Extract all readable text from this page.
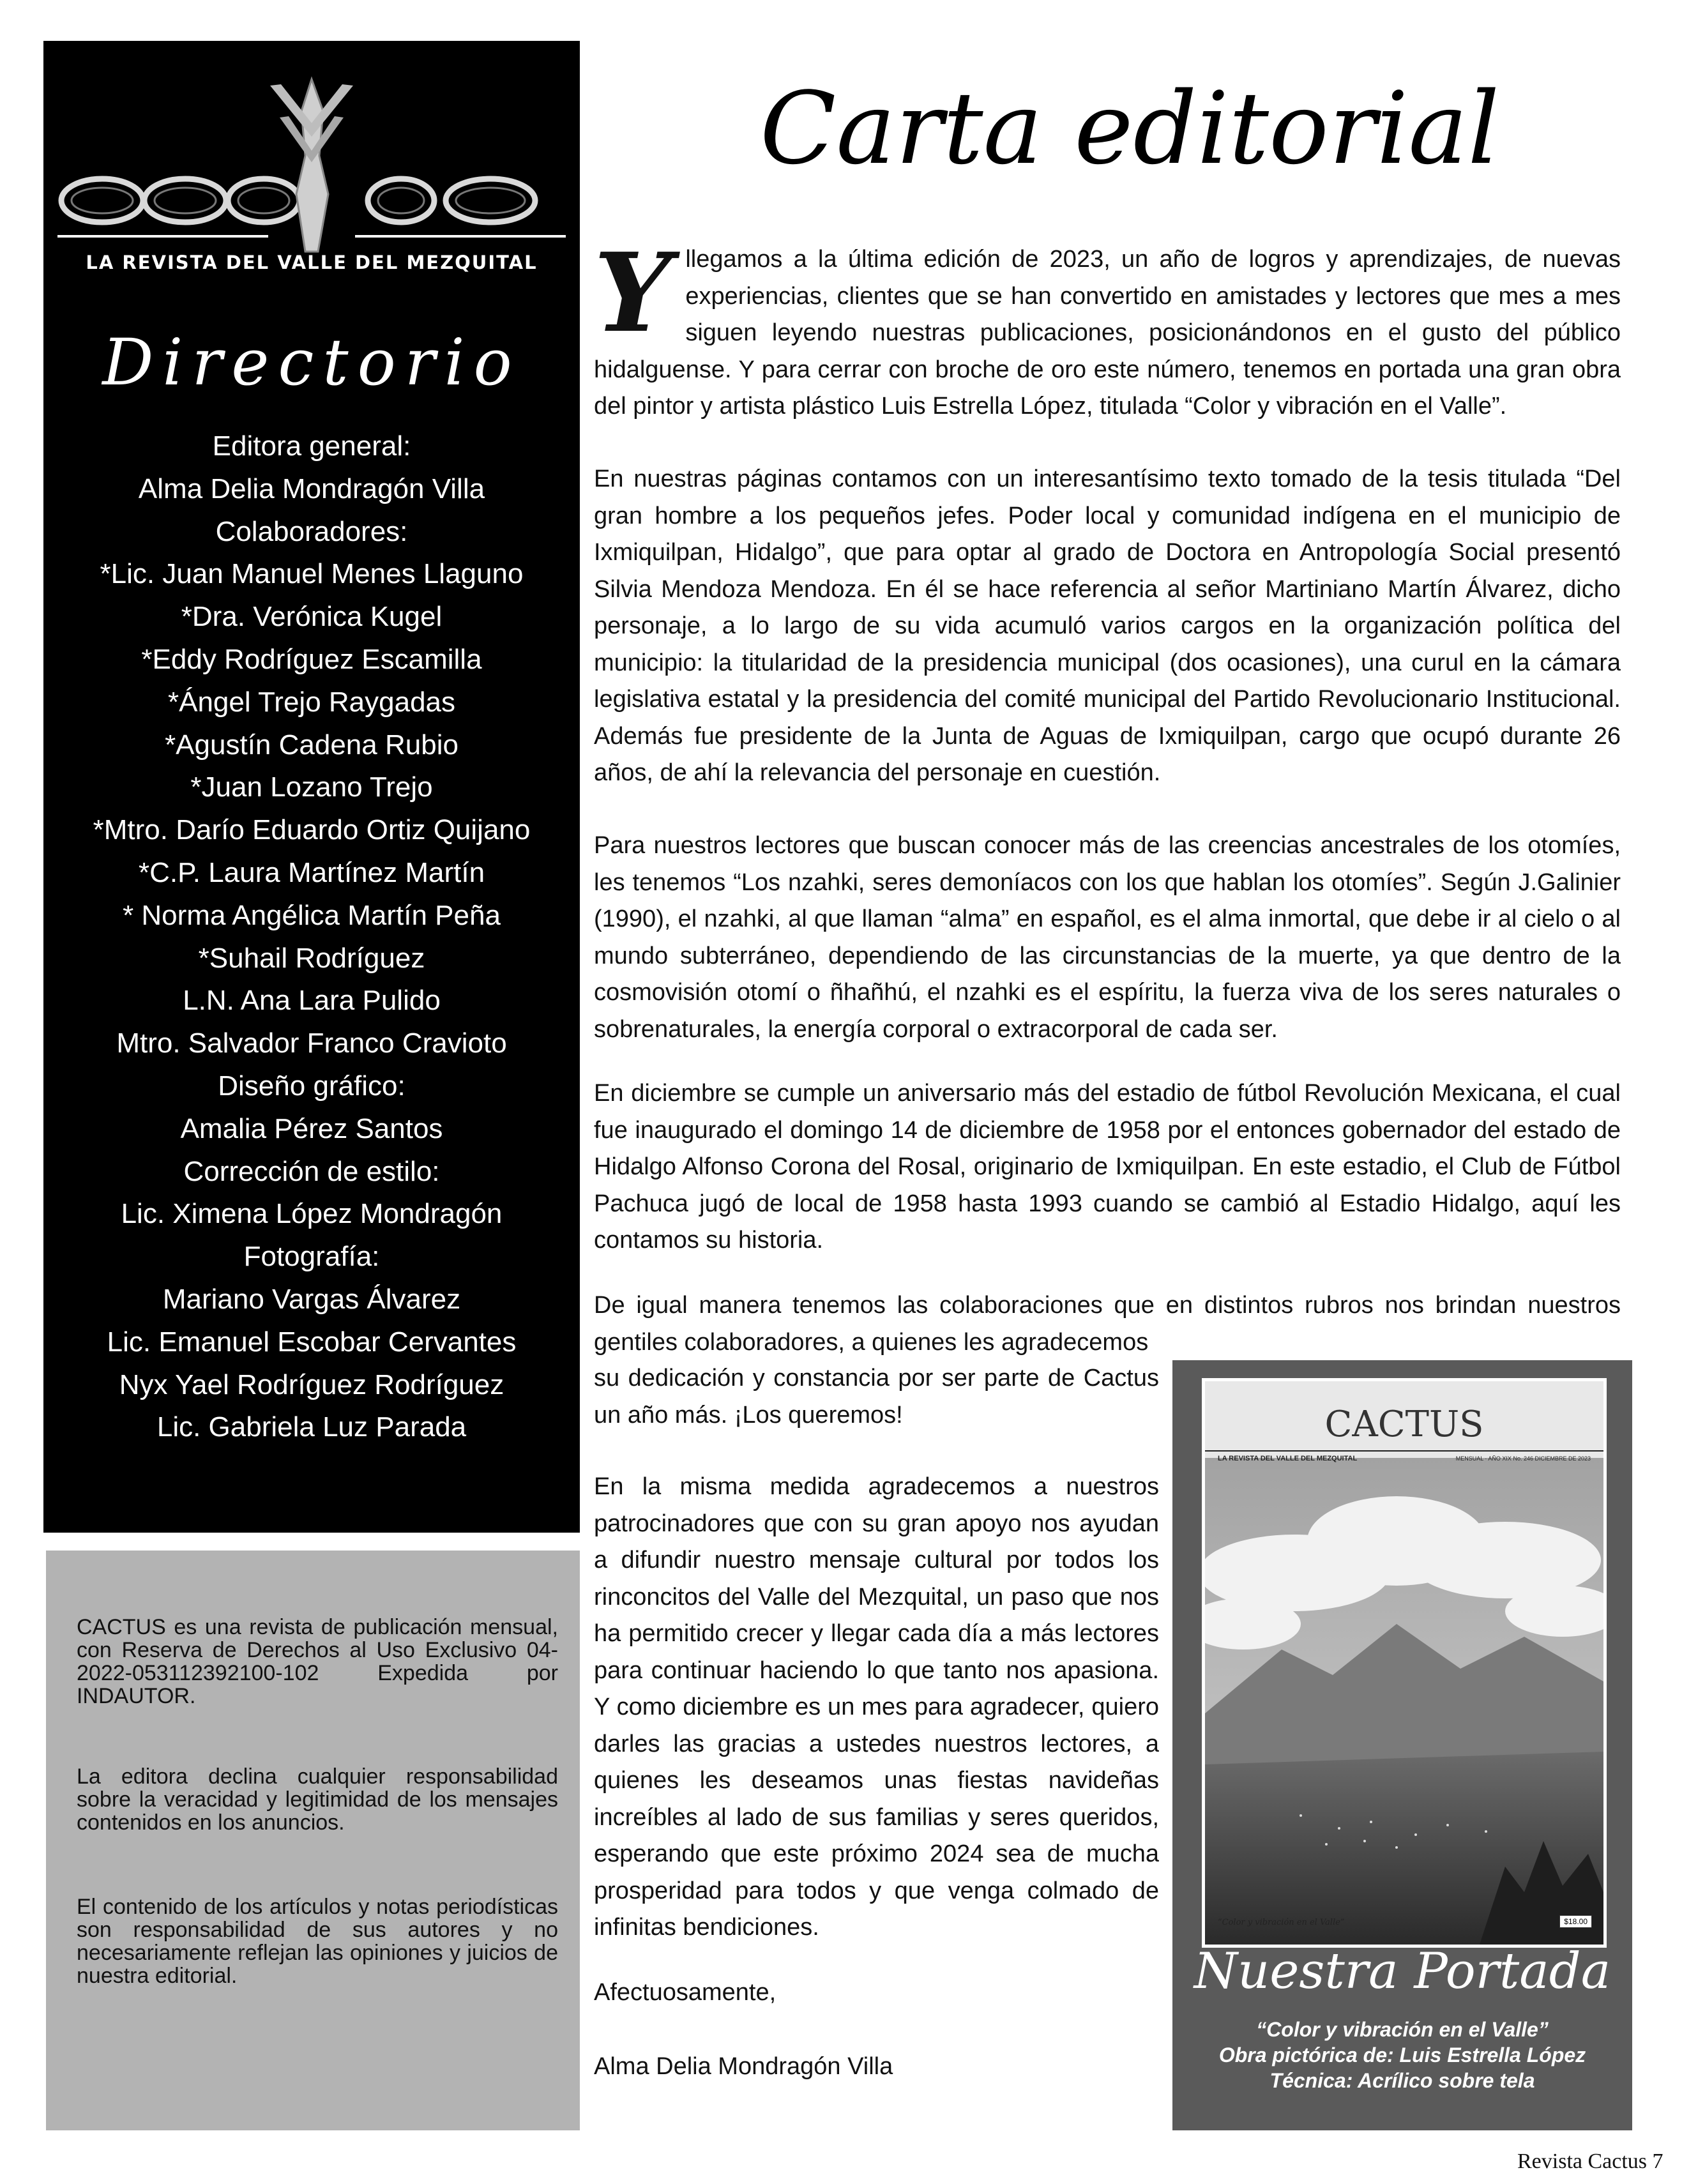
LA REVISTA DEL VALLE DEL MEZQUITAL
Directorio
Editora general:
Alma Delia Mondragón Villa
Colaboradores:
*Lic. Juan Manuel Menes Llaguno
*Dra. Verónica Kugel
*Eddy Rodríguez Escamilla
*Ángel Trejo Raygadas
*Agustín Cadena Rubio
*Juan Lozano Trejo
*Mtro. Darío Eduardo Ortiz Quijano
*C.P. Laura Martínez Martín
* Norma Angélica Martín Peña
*Suhail Rodríguez
L.N. Ana Lara Pulido
Mtro. Salvador Franco Cravioto
Diseño gráfico:
Amalia Pérez Santos
Corrección de estilo:
Lic. Ximena López Mondragón
Fotografía:
Mariano Vargas Álvarez
Lic. Emanuel Escobar Cervantes
Nyx Yael Rodríguez Rodríguez
Lic. Gabriela Luz Parada

CACTUS es una revista de publicación mensual, con Reserva de Derechos al Uso Exclusivo 04-2022-053112392100-102 Expedida por INDAUTOR.

La editora declina cualquier responsabilidad sobre la veracidad y legitimidad de los mensajes contenidos en los anuncios.

El contenido de los artículos y notas periodísticas son responsabilidad de sus autores y no necesariamente reflejan las opiniones y juicios de nuestra editorial.

Carta editorial

Yllegamos a la última edición de 2023, un año de logros y aprendizajes, de nuevas experiencias, clientes que se han convertido en amistades y lectores que mes a mes siguen leyendo nuestras publicaciones, posicionándonos en el gusto del público hidalguense. Y para cerrar con broche de oro este número, tenemos en portada una gran obra del pintor y artista plástico Luis Estrella López, titulada “Color y vibración en el Valle”.

En nuestras páginas contamos con un interesantísimo texto tomado de la tesis titulada “Del gran hombre a los pequeños jefes. Poder local y comunidad indígena en el municipio de Ixmiquilpan, Hidalgo”, que para optar al grado de Doctora en Antropología Social presentó Silvia Mendoza Mendoza. En él se hace referencia al señor Martiniano Martín Álvarez, dicho personaje, a lo largo de su vida acumuló varios cargos en la organización política del municipio: la titularidad de la presidencia municipal (dos ocasiones), una curul en la cámara legislativa estatal y la presidencia del comité municipal del Partido Revolucionario Institucional. Además fue presidente de la Junta de Aguas de Ixmiquilpan, cargo que ocupó durante 26 años, de ahí la relevancia del personaje en cuestión.

Para nuestros lectores que buscan conocer más de las creencias ancestrales de los otomíes, les tenemos “Los nzahki, seres demoníacos con los que hablan los otomíes”. Según J.Galinier (1990), el nzahki, al que llaman “alma” en español, es el alma inmortal, que debe ir al cielo o al mundo subterráneo, dependiendo de las circunstancias de la muerte, ya que dentro de la cosmovisión otomí o ñhañhú, el nzahki es el espíritu, la fuerza viva de los seres naturales o sobrenaturales, la energía corporal o extracorporal de cada ser.

En diciembre se cumple un aniversario más del estadio de fútbol Revolución Mexicana, el cual fue inaugurado el domingo 14 de diciembre de 1958 por el entonces gobernador del estado de Hidalgo Alfonso Corona del Rosal, originario de Ixmiquilpan. En este estadio, el Club de Fútbol Pachuca jugó de local de 1958 hasta 1993 cuando se cambió al Estadio Hidalgo, aquí les contamos su historia.

De igual manera tenemos las colaboraciones que en distintos rubros nos brindan nuestros gentiles colaboradores, a quienes les agradecemos

su dedicación y constancia por ser parte de Cactus un año más. ¡Los queremos!

En la misma medida agradecemos a nuestros patrocinadores que con su gran apoyo nos ayudan a difundir nuestro mensaje cultural por todos los rinconcitos del Valle del Mezquital, un paso que nos ha permitido crecer y llegar cada día a más lectores para continuar haciendo lo que tanto nos apasiona. Y como diciembre es un mes para agradecer, quiero darles las gracias a ustedes nuestros lectores, a quienes les deseamos unas fiestas navideñas increíbles al lado de sus familias y seres queridos, esperando que este próximo 2024 sea de mucha prosperidad para todos y que venga colmado de infinitas bendiciones.

Afectuosamente,

Alma Delia Mondragón Villa

CACTUS
LA REVISTA DEL VALLE DEL MEZQUITAL	MENSUAL · AÑO XIX No. 246 DICIEMBRE DE 2023
“Color y vibración en el Valle”	$18.00
Nuestra Portada
“Color y vibración en el Valle”
Obra pictórica de: Luis Estrella López
Técnica: Acrílico sobre tela
Revista Cactus 7
